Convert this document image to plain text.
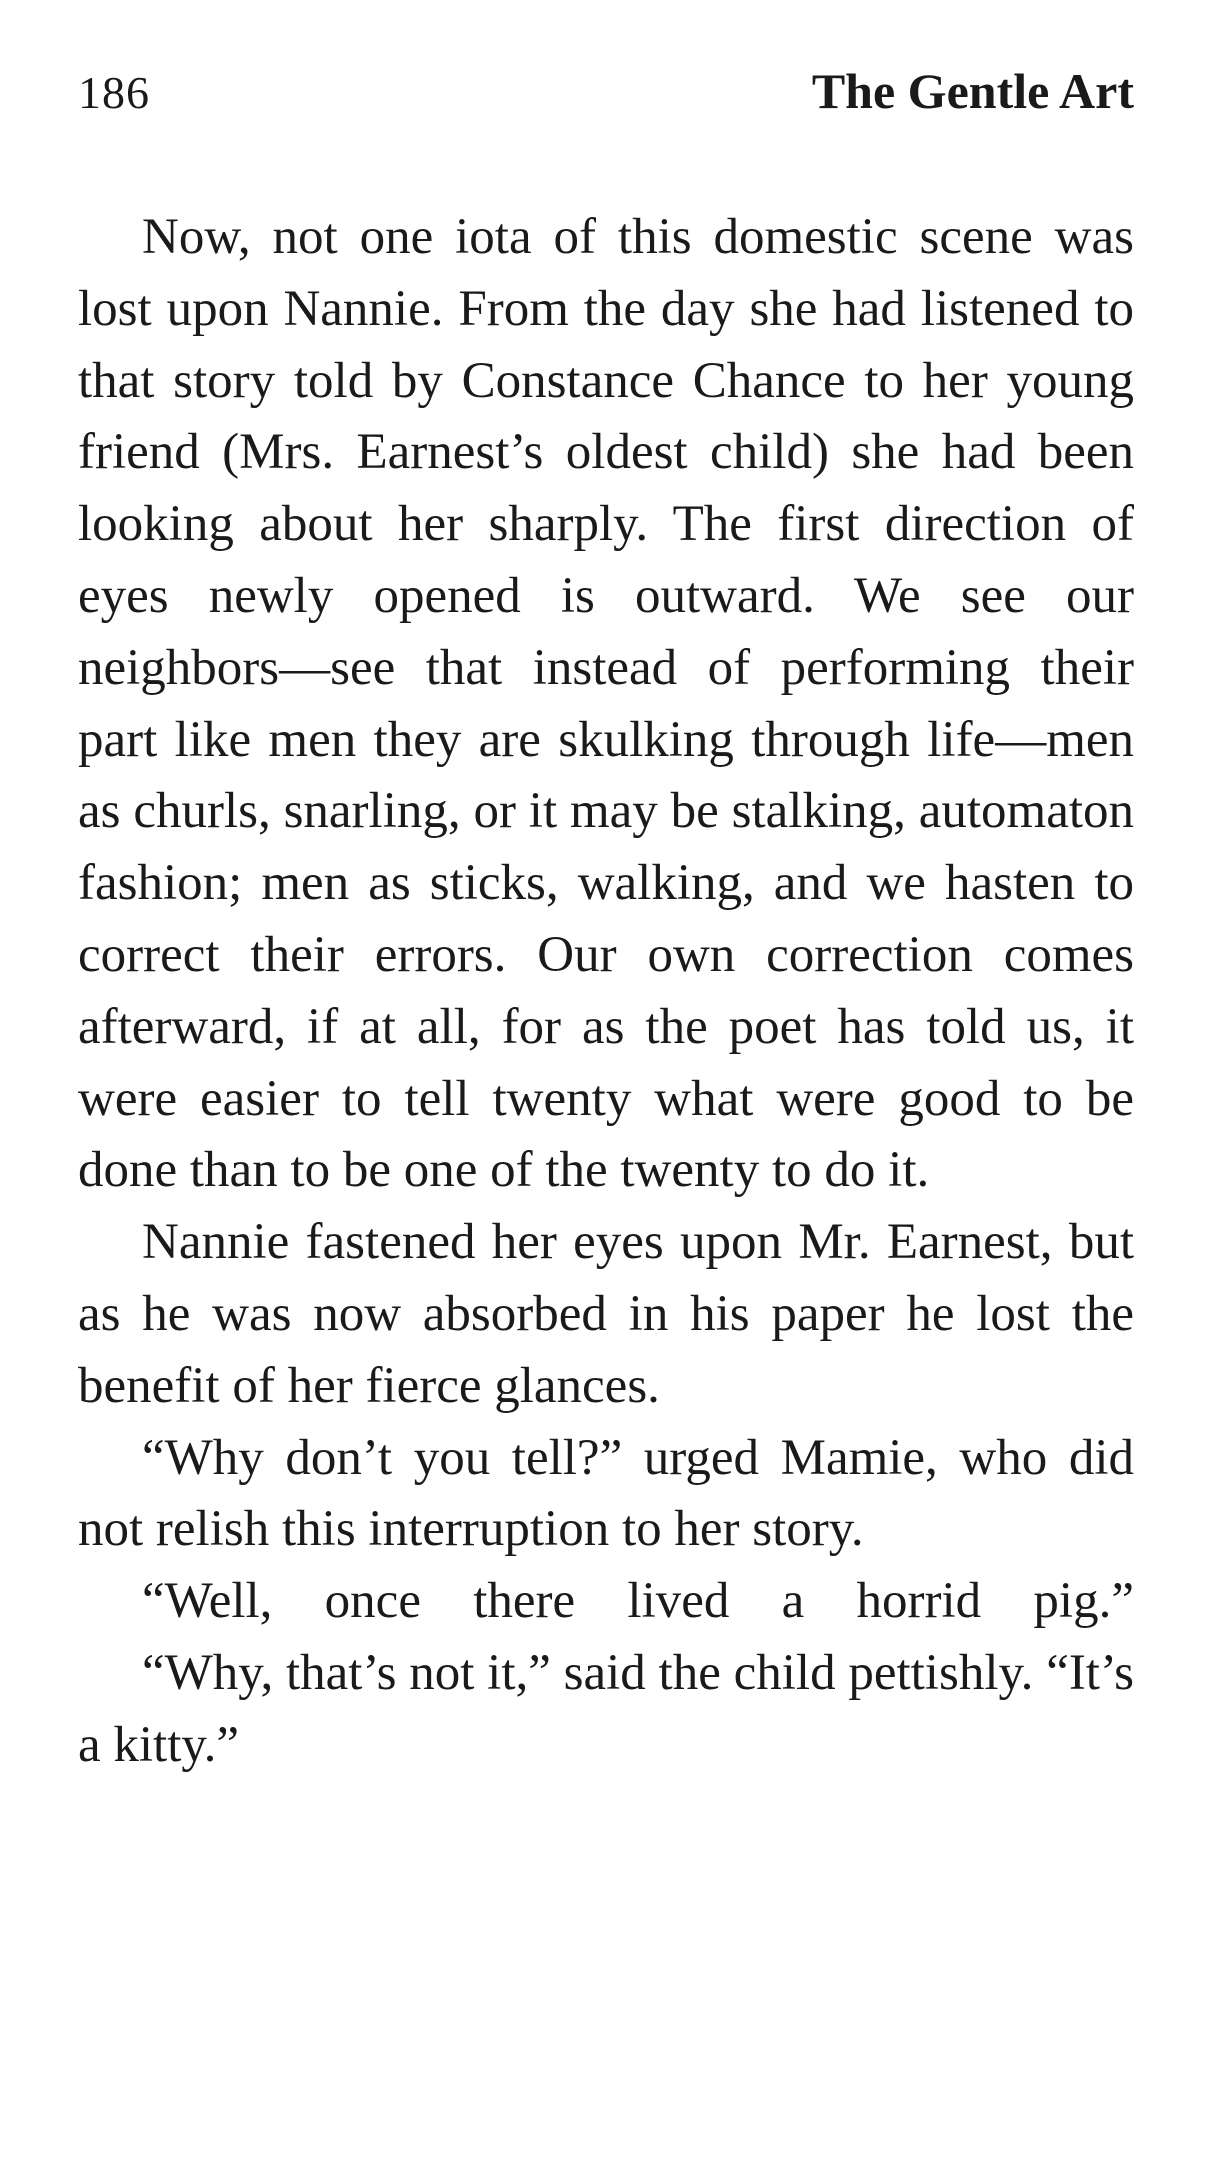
186	The Gentle Art

Now, not one iota of this domestic scene was lost upon Nannie. From the day she had listened to that story told by Constance Chance to her young friend (Mrs. Earnest’s oldest child) she had been looking about her sharply. The first direction of eyes newly opened is outward. We see our neighbors—see that instead of performing their part like men they are skulking through life—men as churls, snarling, or it may be stalking, automaton fashion; men as sticks, walking, and we hasten to correct their errors. Our own correction comes afterward, if at all, for as the poet has told us, it were easier to tell twenty what were good to be done than to be one of the twenty to do it.

Nannie fastened her eyes upon Mr. Earnest, but as he was now absorbed in his paper he lost the benefit of her fierce glances.

“Why don’t you tell?” urged Mamie, who did not relish this interruption to her story.

“Well, once there lived a horrid pig.”

“Why, that’s not it,” said the child pettishly. “It’s a kitty.”
